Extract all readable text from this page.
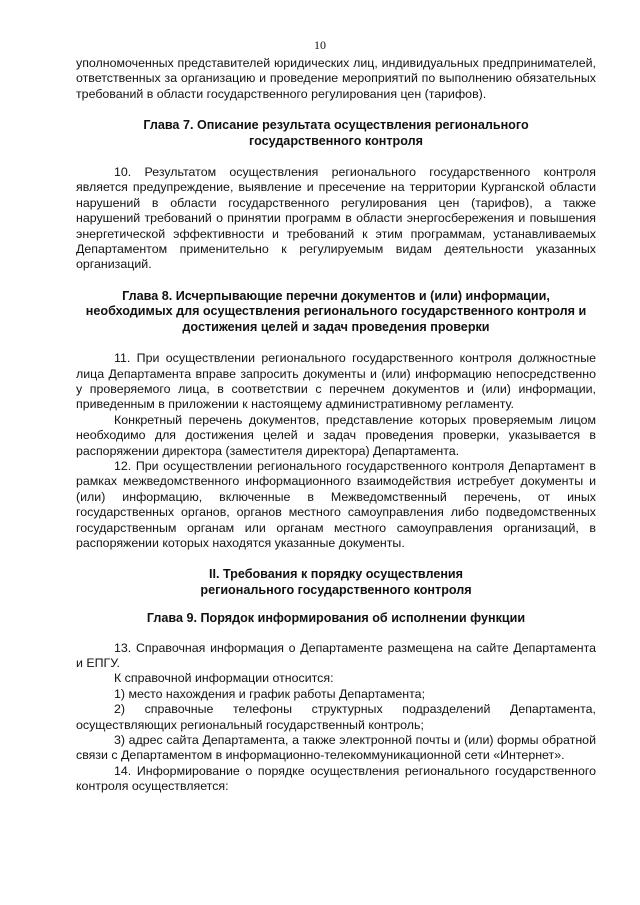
10

уполномоченных представителей юридических лиц, индивидуальных предпринимателей, ответственных за организацию и проведение мероприятий по выполнению обязательных требований в области государственного регулирования цен (тарифов).

Глава 7. Описание результата осуществления регионального
государственного контроля

10. Результатом осуществления регионального государственного контроля является предупреждение, выявление и пресечение на территории Курганской области нарушений в области государственного регулирования цен (тарифов), а также нарушений требований о принятии программ в области энергосбережения и повышения энергетической эффективности и требований к этим программам, устанавливаемых Департаментом применительно к регулируемым видам деятельности указанных организаций.

Глава 8. Исчерпывающие перечни документов и (или) информации,
необходимых для осуществления регионального государственного контроля и
достижения целей и задач проведения проверки

11. При осуществлении регионального государственного контроля должностные лица Департамента вправе запросить документы и (или) информацию непосредственно у проверяемого лица, в соответствии с перечнем документов и (или) информации, приведенным в приложении к настоящему административному регламенту.

Конкретный перечень документов, представление которых проверяемым лицом необходимо для достижения целей и задач проведения проверки, указывается в распоряжении директора (заместителя директора) Департамента.

12. При осуществлении регионального государственного контроля Департамент в рамках межведомственного информационного взаимодействия истребует документы и (или) информацию, включенные в Межведомственный перечень, от иных государственных органов, органов местного самоуправления либо подведомственных государственным органам или органам местного самоуправления организаций, в распоряжении которых находятся указанные документы.

II. Требования к порядку осуществления
регионального государственного контроля
Глава 9. Порядок информирования об исполнении функции

13. Справочная информация о Департаменте размещена на сайте Департамента и ЕПГУ.

К справочной информации относится:

1) место нахождения и график работы Департамента;

2) справочные телефоны структурных подразделений Департамента, осуществляющих региональный государственный контроль;

3) адрес сайта Департамента, а также электронной почты и (или) формы обратной связи с Департаментом в информационно-телекоммуникационной сети «Интернет».

14. Информирование о порядке осуществления регионального государственного контроля осуществляется:
